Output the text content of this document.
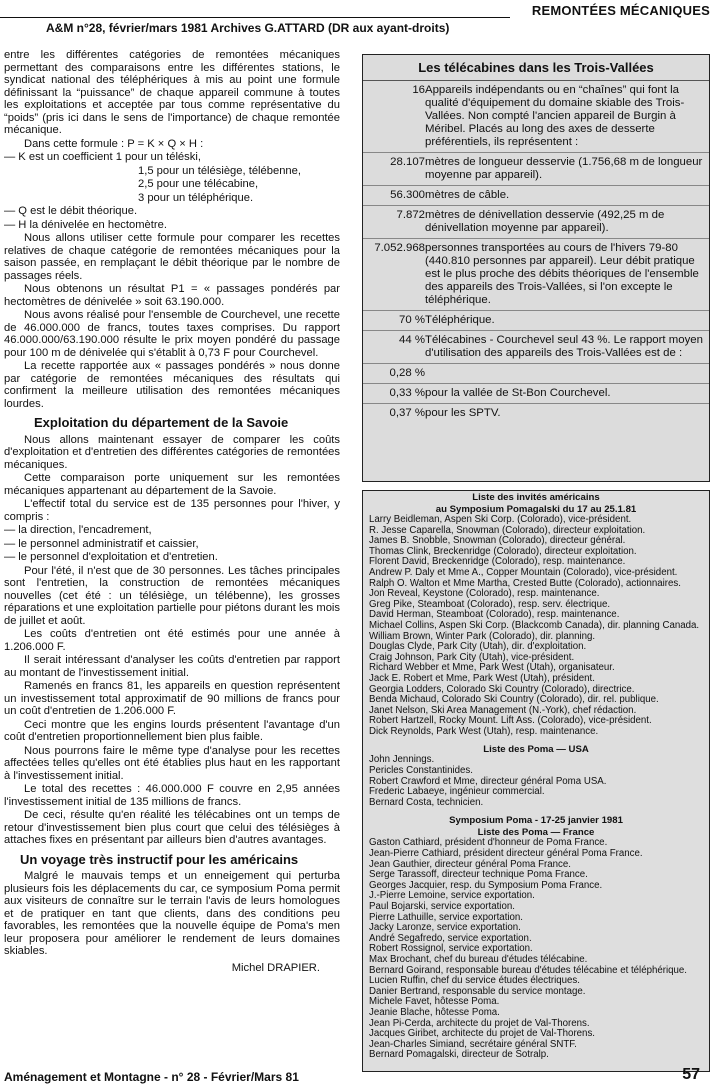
REMONTÉES MÉCANIQUES
A&M n°28, février/mars 1981 Archives G.ATTARD (DR aux ayant-droits)

entre les différentes catégories de remontées mécaniques permettant des comparaisons entre les différentes stations, le syndicat national des téléphériques à mis au point une formule définissant la “puissance” de chaque appareil commune à toutes les exploitations et acceptée par tous comme représentative du “poids” (pris ici dans le sens de l'importance) de chaque remontée mécanique.

Dans cette formule : P = K × Q × H :

— K est un coefficient 1 pour un téléski,

1,5 pour un télésiège, télébenne,

2,5 pour une télécabine,

3 pour un téléphérique.

— Q est le débit théorique.

— H la dénivelée en hectomètre.

Nous allons utiliser cette formule pour comparer les recettes relatives de chaque catégorie de remontées mécaniques pour la saison passée, en remplaçant le débit théorique par le nombre de passages réels.

Nous obtenons un résultat P1 = « passages pondérés par hectomètres de dénivelée » soit 63.190.000.

Nous avons réalisé pour l'ensemble de Courchevel, une recette de 46.000.000 de francs, toutes taxes comprises. Du rapport 46.000.000/63.190.000 résulte le prix moyen pondéré du passage pour 100 m de dénivelée qui s'établit à 0,73 F pour Courchevel.

La recette rapportée aux « passages pondérés » nous donne par catégorie de remontées mécaniques des résultats qui confirment la meilleure utilisation des remontées mécaniques lourdes.

Exploitation du département de la Savoie

Nous allons maintenant essayer de comparer les coûts d'exploitation et d'entretien des différentes catégories de remontées mécaniques.

Cette comparaison porte uniquement sur les remontées mécaniques appartenant au département de la Savoie.

L'effectif total du service est de 135 personnes pour l'hiver, y compris :

— la direction, l'encadrement,

— le personnel administratif et caissier,

— le personnel d'exploitation et d'entretien.

Pour l'été, il n'est que de 30 personnes. Les tâches principales sont l'entretien, la construction de remontées mécaniques nouvelles (cet été : un télésiège, un télébenne), les grosses réparations et une exploitation partielle pour piétons durant les mois de juillet et août.

Les coûts d'entretien ont été estimés pour une année à 1.206.000 F.

Il serait intéressant d'analyser les coûts d'entretien par rapport au montant de l'investissement initial.

Ramenés en francs 81, les appareils en question représentent un investissement total approximatif de 90 millions de francs pour un coût d'entretien de 1.206.000 F.

Ceci montre que les engins lourds présentent l'avantage d'un coût d'entretien proportionnellement bien plus faible.

Nous pourrons faire le même type d'analyse pour les recettes affectées telles qu'elles ont été établies plus haut en les rapportant à l'investissement initial.

Le total des recettes : 46.000.000 F couvre en 2,95 années l'investissement initial de 135 millions de francs.

De ceci, résulte qu'en réalité les télécabines ont un temps de retour d'investissement bien plus court que celui des télésièges à attaches fixes en présentant par ailleurs bien d'autres avantages.

Un voyage très instructif pour les américains

Malgré le mauvais temps et un enneigement qui perturba plusieurs fois les déplacements du car, ce symposium Poma permit aux visiteurs de connaître sur le terrain l'avis de leurs homologues et de pratiquer en tant que clients, dans des conditions peu favorables, les remontées que la nouvelle équipe de Poma's men leur proposera pour améliorer le rendement de leurs domaines skiables.

Michel DRAPIER.

Les télécabines dans les Trois-Vallées
16 Appareils indépendants ou en “chaînes” qui font la qualité d'équipement du domaine skiable des Trois-Vallées. Non compté l'ancien appareil de Burgin à Méribel. Placés au long des axes de desserte préférentiels, ils représentent :
28.107 mètres de longueur desservie (1.756,68 m de longueur moyenne par appareil).
56.300 mètres de câble.
7.872 mètres de dénivellation desservie (492,25 m de dénivellation moyenne par appareil).
7.052.968 personnes transportées au cours de l'hivers 79-80 (440.810 personnes par appareil). Leur débit pratique est le plus proche des débits théoriques de l'ensemble des appareils des Trois-Vallées, si l'on excepte le téléphérique.
70 % Téléphérique.
44 % Télécabines - Courchevel seul 43 %. Le rapport moyen d'utilisation des appareils des Trois-Vallées est de :
0,28 %
0,33 % pour la vallée de St-Bon Courchevel.
0,37 % pour les SPTV.
Liste des invités américains
au Symposium Pomagalski du 17 au 25.1.81
Larry Beidleman, Aspen Ski Corp. (Colorado), vice-président.
R. Jesse Caparella, Snowman (Colorado), directeur exploitation.
James B. Snobble, Snowman (Colorado), directeur général.
Thomas Clink, Breckenridge (Colorado), directeur exploitation.
Florent David, Breckenridge (Colorado), resp. maintenance.
Andrew P. Daly et Mme A., Copper Mountain (Colorado), vice-président.
Ralph O. Walton et Mme Martha, Crested Butte (Colorado), actionnaires.
Jon Reveal, Keystone (Colorado), resp. maintenance.
Greg Pike, Steamboat (Colorado), resp. serv. électrique.
David Herman, Steamboat (Colorado), resp. maintenance.
Michael Collins, Aspen Ski Corp. (Blackcomb Canada), dir. planning Canada.
William Brown, Winter Park (Colorado), dir. planning.
Douglas Clyde, Park City (Utah), dir. d'exploitation.
Craig Johnson, Park City (Utah), vice-président.
Richard Webber et Mme, Park West (Utah), organisateur.
Jack E. Robert et Mme, Park West (Utah), président.
Georgia Lodders, Colorado Ski Country (Colorado), directrice.
Benda Michaud, Colorado Ski Country (Colorado), dir. rel. publique.
Janet Nelson, Ski Area Management (N.-York), chef rédaction.
Robert Hartzell, Rocky Mount. Lift Ass. (Colorado), vice-président.
Dick Reynolds, Park West (Utah), resp. maintenance.
Liste des Poma — USA
John Jennings.
Pericles Constantinides.
Robert Crawford et Mme, directeur général Poma USA.
Frederic Labaeye, ingénieur commercial.
Bernard Costa, technicien.
Symposium Poma - 17-25 janvier 1981
Liste des Poma — France
Gaston Cathiard, président d'honneur de Poma France.
Jean-Pierre Cathiard, président directeur général Poma France.
Jean Gauthier, directeur général Poma France.
Serge Tarassoff, directeur technique Poma France.
Georges Jacquier, resp. du Symposium Poma France.
J.-Pierre Lemoine, service exportation.
Paul Bojarski, service exportation.
Pierre Lathuille, service exportation.
Jacky Laronze, service exportation.
André Segafredo, service exportation.
Robert Rossignol, service exportation.
Max Brochant, chef du bureau d'études télécabine.
Bernard Goirand, responsable bureau d'études télécabine et téléphérique.
Lucien Ruffin, chef du service études électriques.
Danier Bertrand, responsable du service montage.
Michele Favet, hôtesse Poma.
Jeanie Blache, hôtesse Poma.
Jean Pi-Cerda, architecte du projet de Val-Thorens.
Jacques Giribet, architecte du projet de Val-Thorens.
Jean-Charles Simiand, secrétaire général SNTF.
Bernard Pomagalski, directeur de Sotralp.
Aménagement et Montagne - n° 28 - Février/Mars 81	57
